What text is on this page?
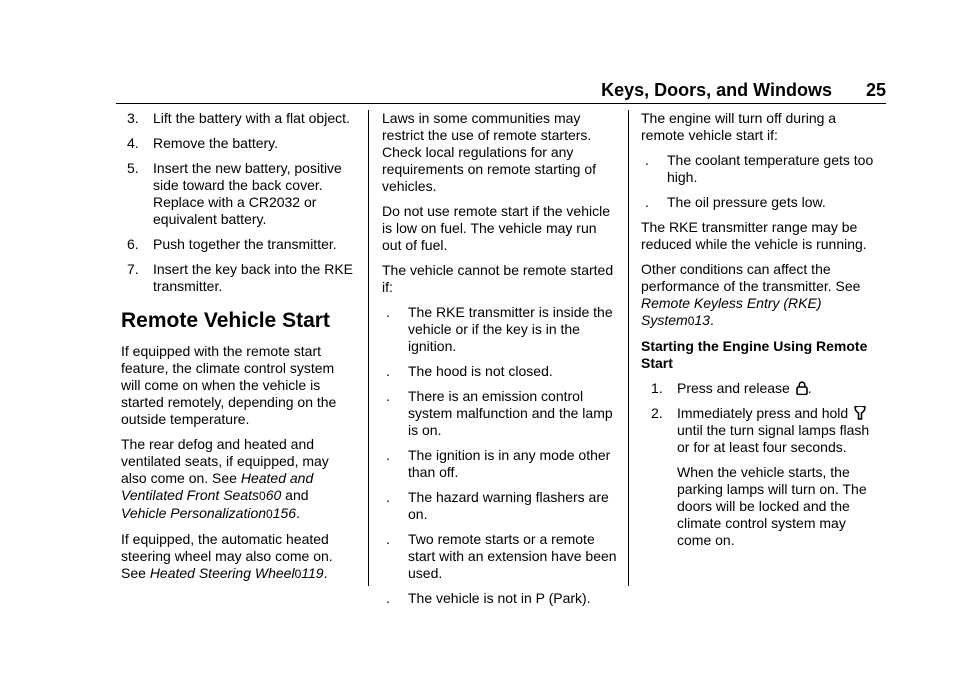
Keys, Doors, and Windows 25
3.	Lift the battery with a flat object.
4.	Remove the battery.
5.	Insert the new battery, positive side toward the back cover. Replace with a CR2032 or equivalent battery.
6.	Push together the transmitter.
7.	Insert the key back into the RKE transmitter.
Remote Vehicle Start

If equipped with the remote start feature, the climate control system will come on when the vehicle is started remotely, depending on the outside temperature.

The rear defog and heated and ventilated seats, if equipped, may also come on. See Heated and Ventilated Front Seats060 and Vehicle Personalization0156.

If equipped, the automatic heated steering wheel may also come on. See Heated Steering Wheel0119.

Laws in some communities may restrict the use of remote starters. Check local regulations for any requirements on remote starting of vehicles.

Do not use remote start if the vehicle is low on fuel. The vehicle may run out of fuel.

The vehicle cannot be remote started if:

.	The RKE transmitter is inside the vehicle or if the key is in the ignition.
.	The hood is not closed.
.	There is an emission control system malfunction and the lamp is on.
.	The ignition is in any mode other than off.
.	The hazard warning flashers are on.
.	Two remote starts or a remote start with an extension have been used.
.	The vehicle is not in P (Park).

The engine will turn off during a remote vehicle start if:

.	The coolant temperature gets too high.
.	The oil pressure gets low.

The RKE transmitter range may be reduced while the vehicle is running.

Other conditions can affect the performance of the transmitter. See Remote Keyless Entry (RKE) System013.

Starting the Engine Using Remote Start
1.	Press and release .
2.	Immediately press and hold  until the turn signal lamps flash or for at least four seconds.
When the vehicle starts, the parking lamps will turn on. The doors will be locked and the climate control system may come on.
